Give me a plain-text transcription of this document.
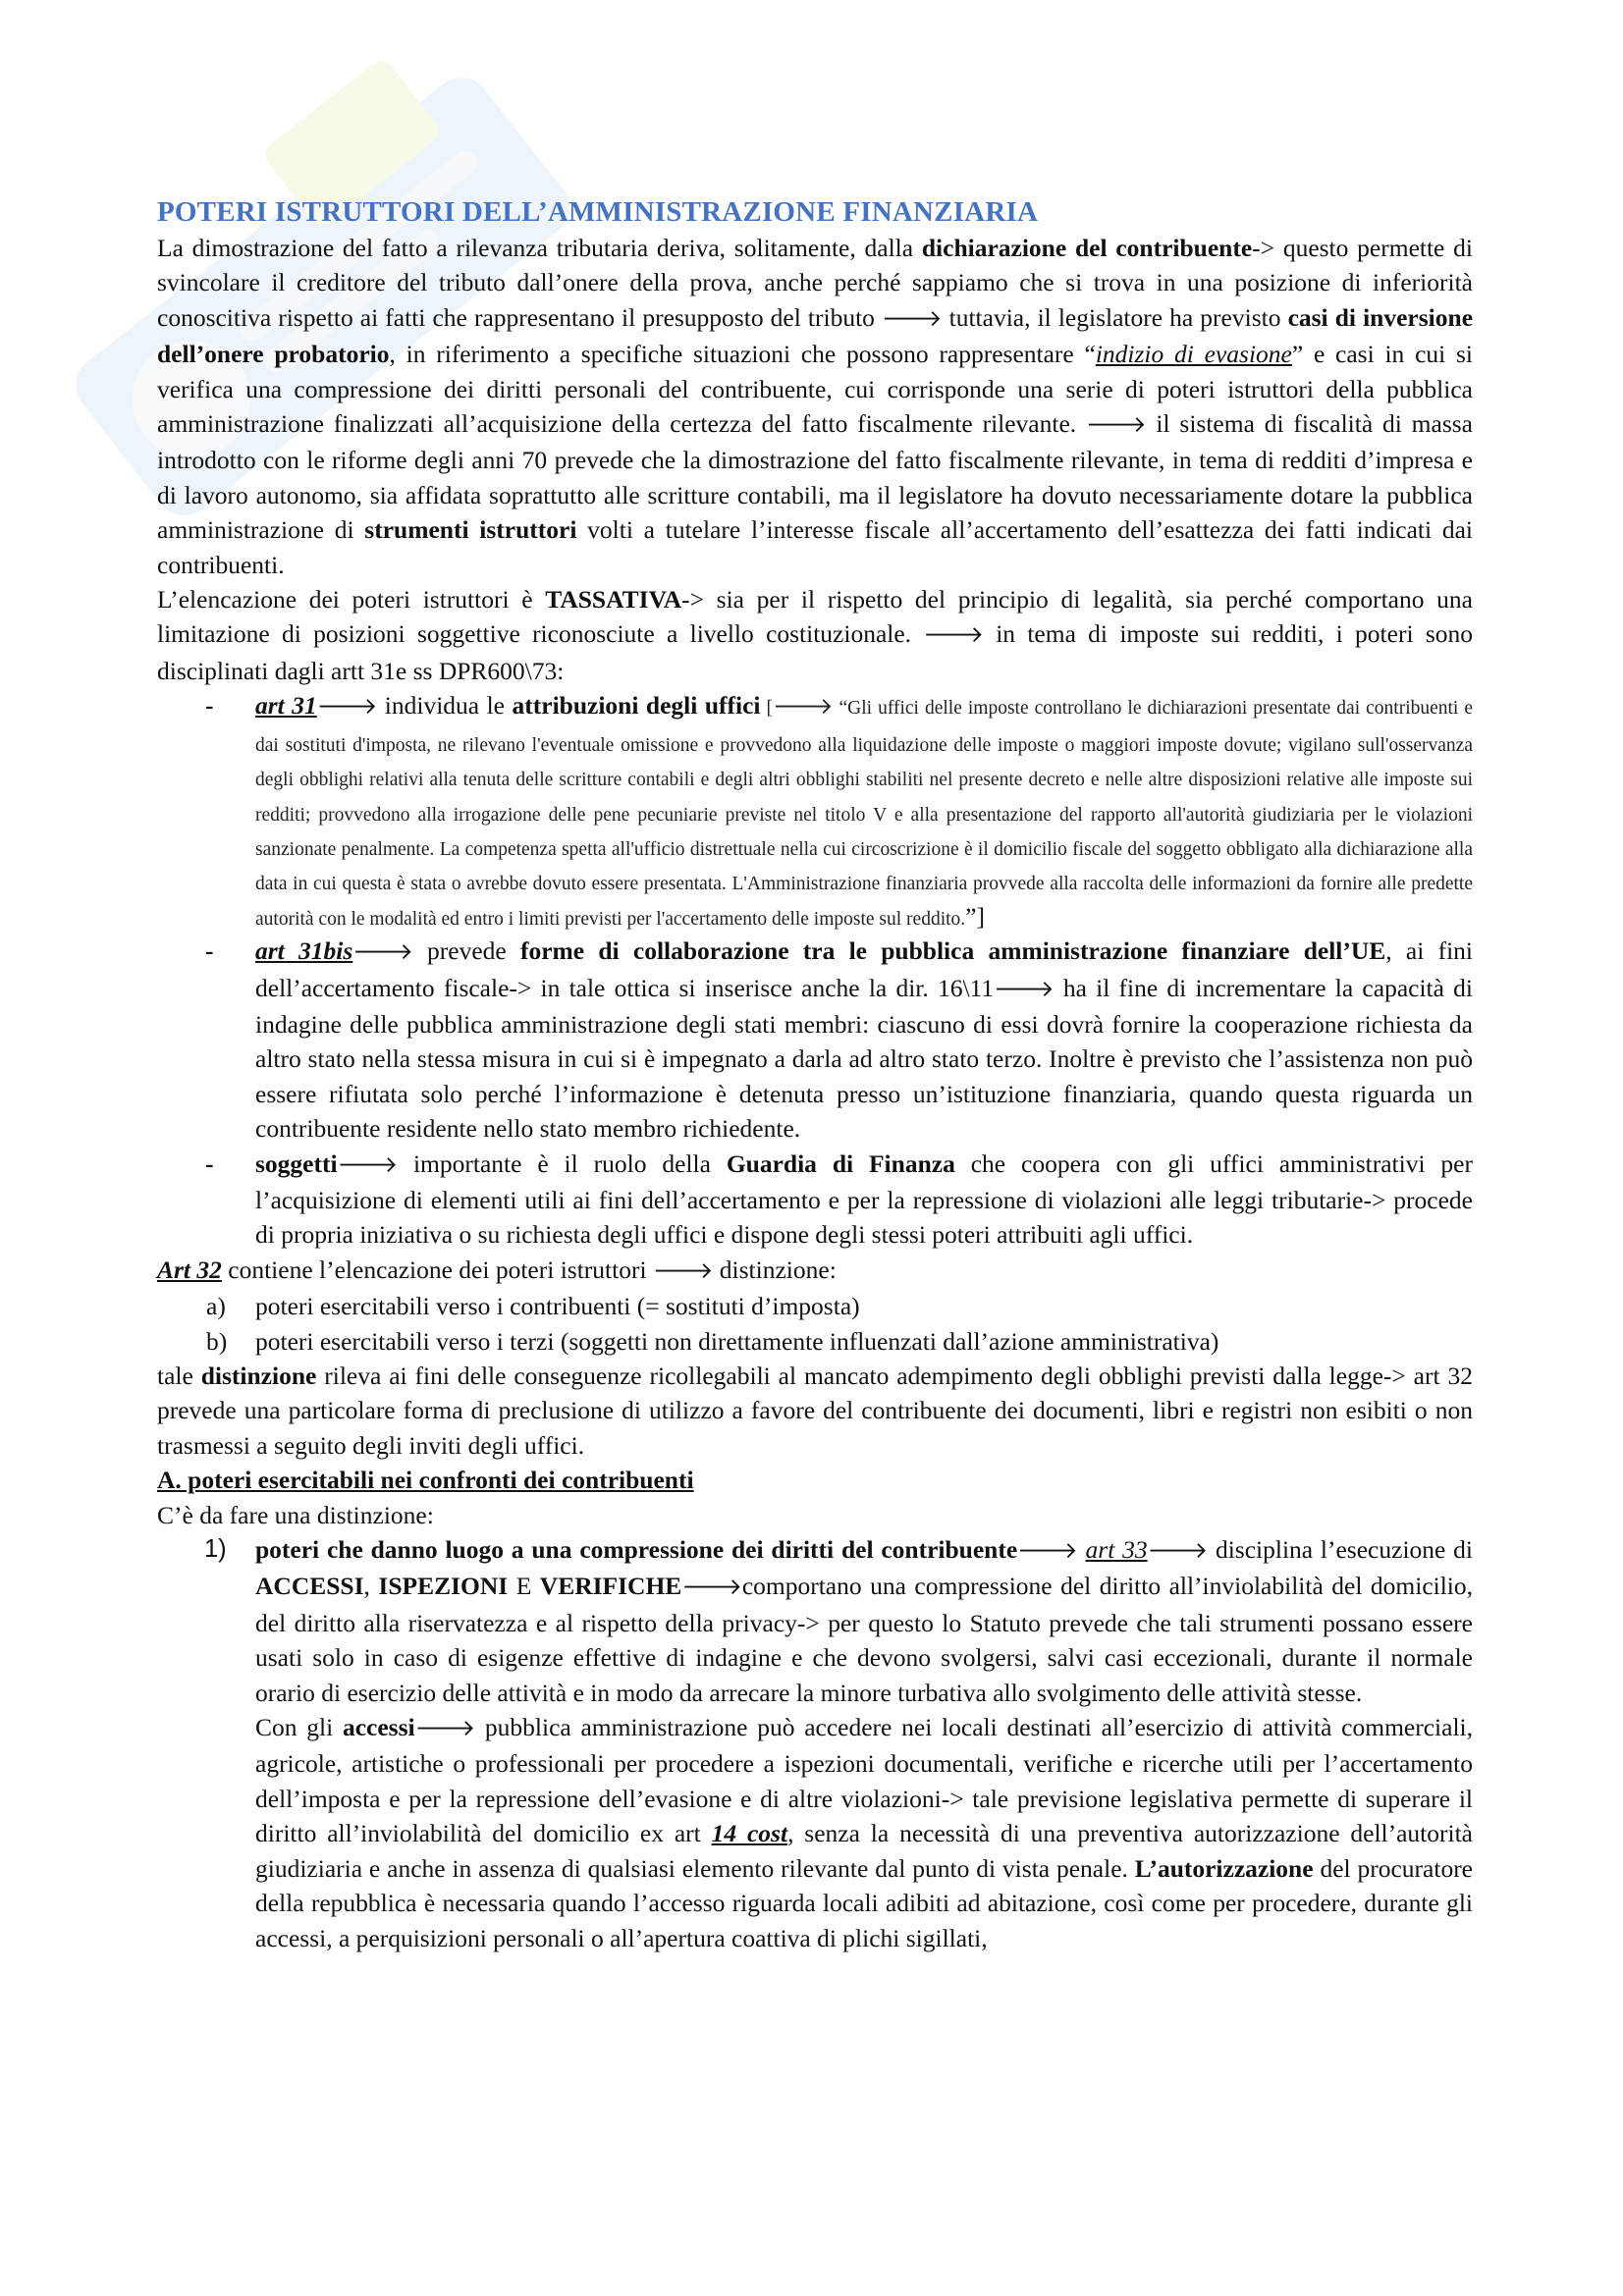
POTERI ISTRUTTORI DELL’AMMINISTRAZIONE FINANZIARIA

La dimostrazione del fatto a rilevanza tributaria deriva, solitamente, dalla dichiarazione del contribuente-> questo permette di svincolare il creditore del tributo dall’onere della prova, anche perché sappiamo che si trova in una posizione di inferiorità conoscitiva rispetto ai fatti che rappresentano il presupposto del tributo 🡒 tuttavia, il legislatore ha previsto casi di inversione dell’onere probatorio, in riferimento a specifiche situazioni che possono rappresentare “indizio di evasione” e casi in cui si verifica una compressione dei diritti personali del contribuente, cui corrisponde una serie di poteri istruttori della pubblica amministrazione finalizzati all’acquisizione della certezza del fatto fiscalmente rilevante. 🡒 il sistema di fiscalità di massa introdotto con le riforme degli anni 70 prevede che la dimostrazione del fatto fiscalmente rilevante, in tema di redditi d’impresa e di lavoro autonomo, sia affidata soprattutto alle scritture contabili, ma il legislatore ha dovuto necessariamente dotare la pubblica amministrazione di strumenti istruttori volti a tutelare l’interesse fiscale all’accertamento dell’esattezza dei fatti indicati dai contribuenti.

L’elencazione dei poteri istruttori è TASSATIVA-> sia per il rispetto del principio di legalità, sia perché comportano una limitazione di posizioni soggettive riconosciute a livello costituzionale. 🡒 in tema di imposte sui redditi, i poteri sono disciplinati dagli artt 31e ss DPR600\73:

- art 31🡒 individua le attribuzioni degli uffici [🡒 “Gli uffici delle imposte controllano le dichiarazioni presentate dai contribuenti e dai sostituti d'imposta, ne rilevano l'eventuale omissione e provvedono alla liquidazione delle imposte o maggiori imposte dovute; vigilano sull'osservanza degli obblighi relativi alla tenuta delle scritture contabili e degli altri obblighi stabiliti nel presente decreto e nelle altre disposizioni relative alle imposte sui redditi; provvedono alla irrogazione delle pene pecuniarie previste nel titolo V e alla presentazione del rapporto all'autorità giudiziaria per le violazioni sanzionate penalmente. La competenza spetta all'ufficio distrettuale nella cui circoscrizione è il domicilio fiscale del soggetto obbligato alla dichiarazione alla data in cui questa è stata o avrebbe dovuto essere presentata. L'Amministrazione finanziaria provvede alla raccolta delle informazioni da fornire alle predette autorità con le modalità ed entro i limiti previsti per l'accertamento delle imposte sul reddito.”]
- art 31bis🡒 prevede forme di collaborazione tra le pubblica amministrazione finanziare dell’UE, ai fini dell’accertamento fiscale-> in tale ottica si inserisce anche la dir. 16\11🡒 ha il fine di incrementare la capacità di indagine delle pubblica amministrazione degli stati membri: ciascuno di essi dovrà fornire la cooperazione richiesta da altro stato nella stessa misura in cui si è impegnato a darla ad altro stato terzo. Inoltre è previsto che l’assistenza non può essere rifiutata solo perché l’informazione è detenuta presso un’istituzione finanziaria, quando questa riguarda un contribuente residente nello stato membro richiedente.
- soggetti🡒 importante è il ruolo della Guardia di Finanza che coopera con gli uffici amministrativi per l’acquisizione di elementi utili ai fini dell’accertamento e per la repressione di violazioni alle leggi tributarie-> procede di propria iniziativa o su richiesta degli uffici e dispone degli stessi poteri attribuiti agli uffici.

Art 32 contiene l’elencazione dei poteri istruttori 🡒 distinzione:

a) poteri esercitabili verso i contribuenti (= sostituti d’imposta)
b) poteri esercitabili verso i terzi (soggetti non direttamente influenzati dall’azione amministrativa)

tale distinzione rileva ai fini delle conseguenze ricollegabili al mancato adempimento degli obblighi previsti dalla legge-> art 32 prevede una particolare forma di preclusione di utilizzo a favore del contribuente dei documenti, libri e registri non esibiti o non trasmessi a seguito degli inviti degli uffici.

A. poteri esercitabili nei confronti dei contribuenti

C’è da fare una distinzione:

1) poteri che danno luogo a una compressione dei diritti del contribuente🡒 art 33🡒 disciplina l’esecuzione di ACCESSI, ISPEZIONI E VERIFICHE🡒comportano una compressione del diritto all’inviolabilità del domicilio, del diritto alla riservatezza e al rispetto della privacy-> per questo lo Statuto prevede che tali strumenti possano essere usati solo in caso di esigenze effettive di indagine e che devono svolgersi, salvi casi eccezionali, durante il normale orario di esercizio delle attività e in modo da arrecare la minore turbativa allo svolgimento delle attività stesse.

Con gli accessi🡒 pubblica amministrazione può accedere nei locali destinati all’esercizio di attività commerciali, agricole, artistiche o professionali per procedere a ispezioni documentali, verifiche e ricerche utili per l’accertamento dell’imposta e per la repressione dell’evasione e di altre violazioni-> tale previsione legislativa permette di superare il diritto all’inviolabilità del domicilio ex art 14 cost, senza la necessità di una preventiva autorizzazione dell’autorità giudiziaria e anche in assenza di qualsiasi elemento rilevante dal punto di vista penale. L’autorizzazione del procuratore della repubblica è necessaria quando l’accesso riguarda locali adibiti ad abitazione, così come per procedere, durante gli accessi, a perquisizioni personali o all’apertura coattiva di plichi sigillati,
